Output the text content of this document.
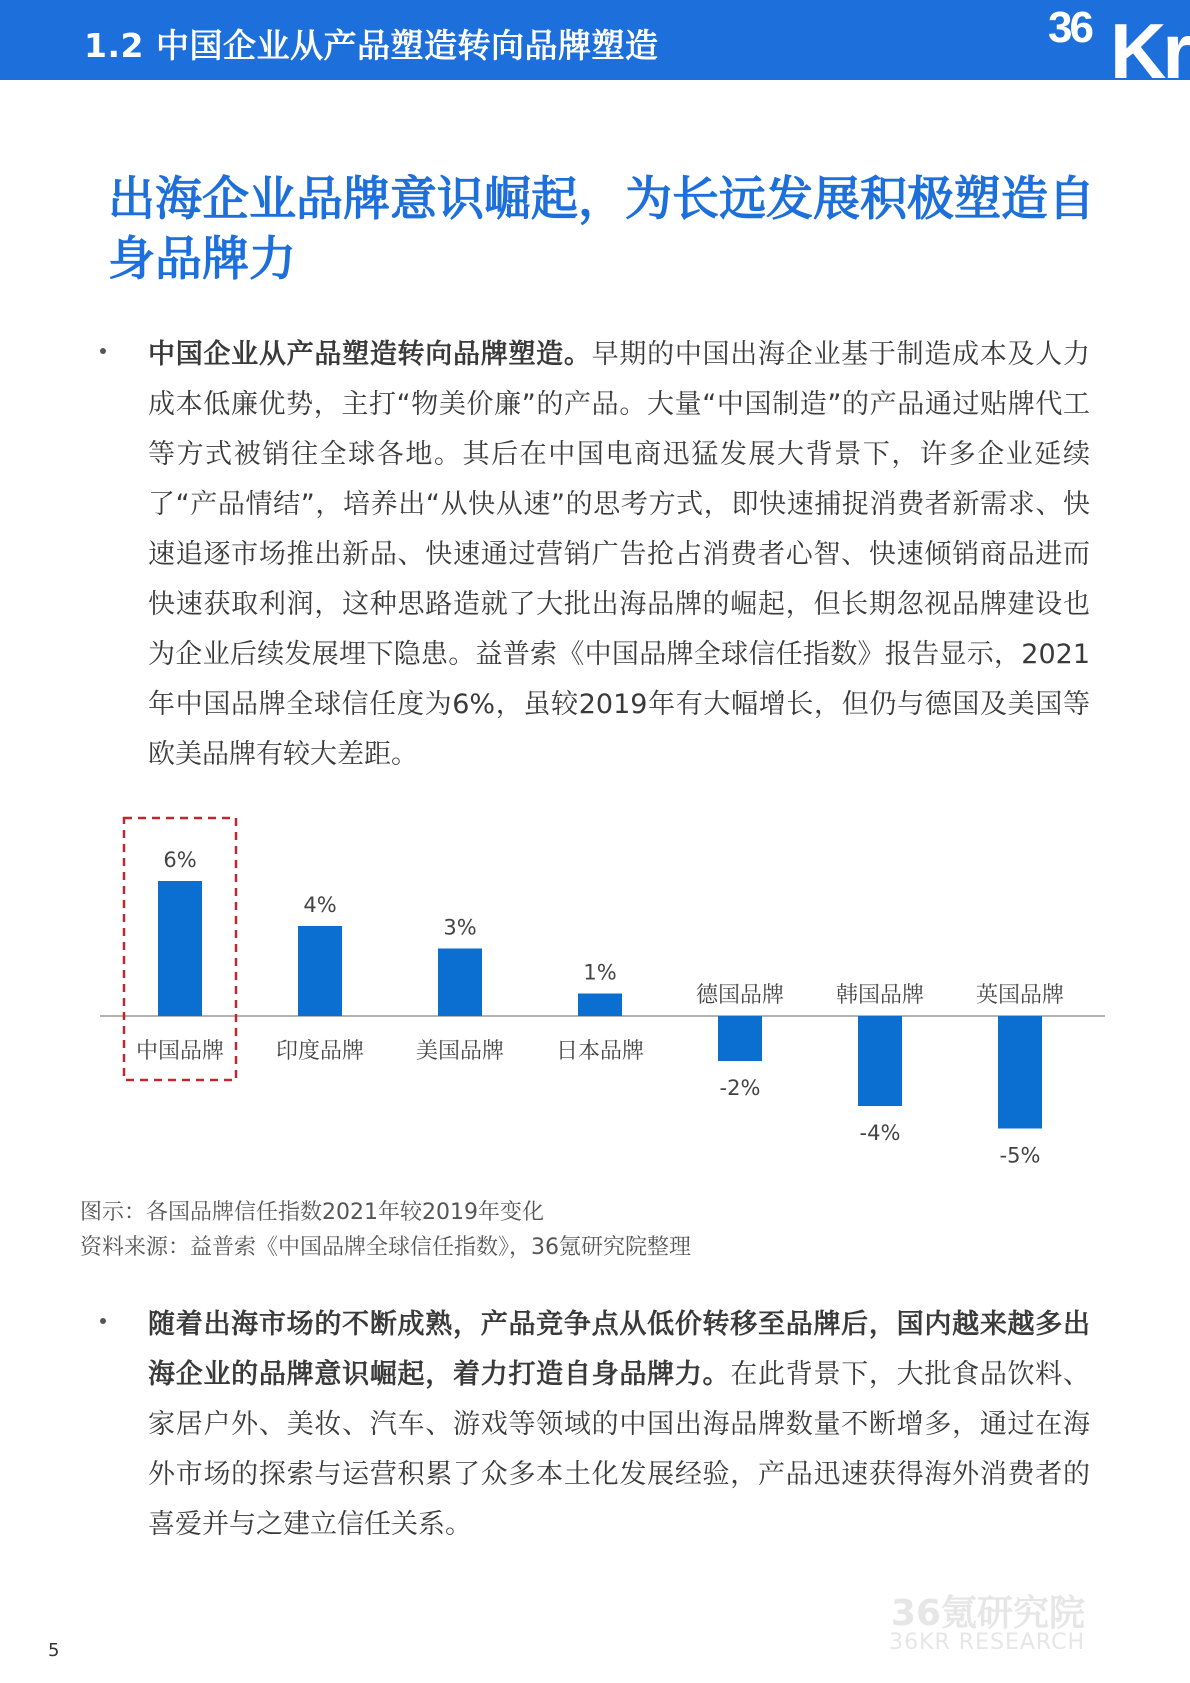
1.2 中国企业从产品塑造转向品牌塑造	36 Kr
出海企业品牌意识崛起，为长远发展积极塑造自身品牌力
中国企业从产品塑造转向品牌塑造。早期的中国出海企业基于制造成本及人力成本低廉优势，主打“物美价廉”的产品。大量“中国制造”的产品通过贴牌代工等方式被销往全球各地。其后在中国电商迅猛发展大背景下，许多企业延续了“产品情结”，培养出“从快从速”的思考方式，即快速捕捉消费者新需求、快速追逐市场推出新品、快速通过营销广告抢占消费者心智、快速倾销商品进而快速获取利润，这种思路造就了大批出海品牌的崛起，但长期忽视品牌建设也为企业后续发展埋下隐患。益普索《中国品牌全球信任指数》报告显示，2021年中国品牌全球信任度为6%，虽较2019年有大幅增长，但仍与德国及美国等欧美品牌有较大差距。
6%
中国品牌
4%
印度品牌
3%
美国品牌
1%
日本品牌
-2%
德国品牌
-4%
韩国品牌
-5%
英国品牌
图示：各国品牌信任指数2021年较2019年变化
资料来源：益普索《中国品牌全球信任指数》，36氪研究院整理
随着出海市场的不断成熟，产品竞争点从低价转移至品牌后，国内越来越多出海企业的品牌意识崛起，着力打造自身品牌力。在此背景下，大批食品饮料、家居户外、美妆、汽车、游戏等领域的中国出海品牌数量不断增多，通过在海外市场的探索与运营积累了众多本土化发展经验，产品迅速获得海外消费者的喜爱并与之建立信任关系。
36氪研究院
36KR RESEARCH
5
